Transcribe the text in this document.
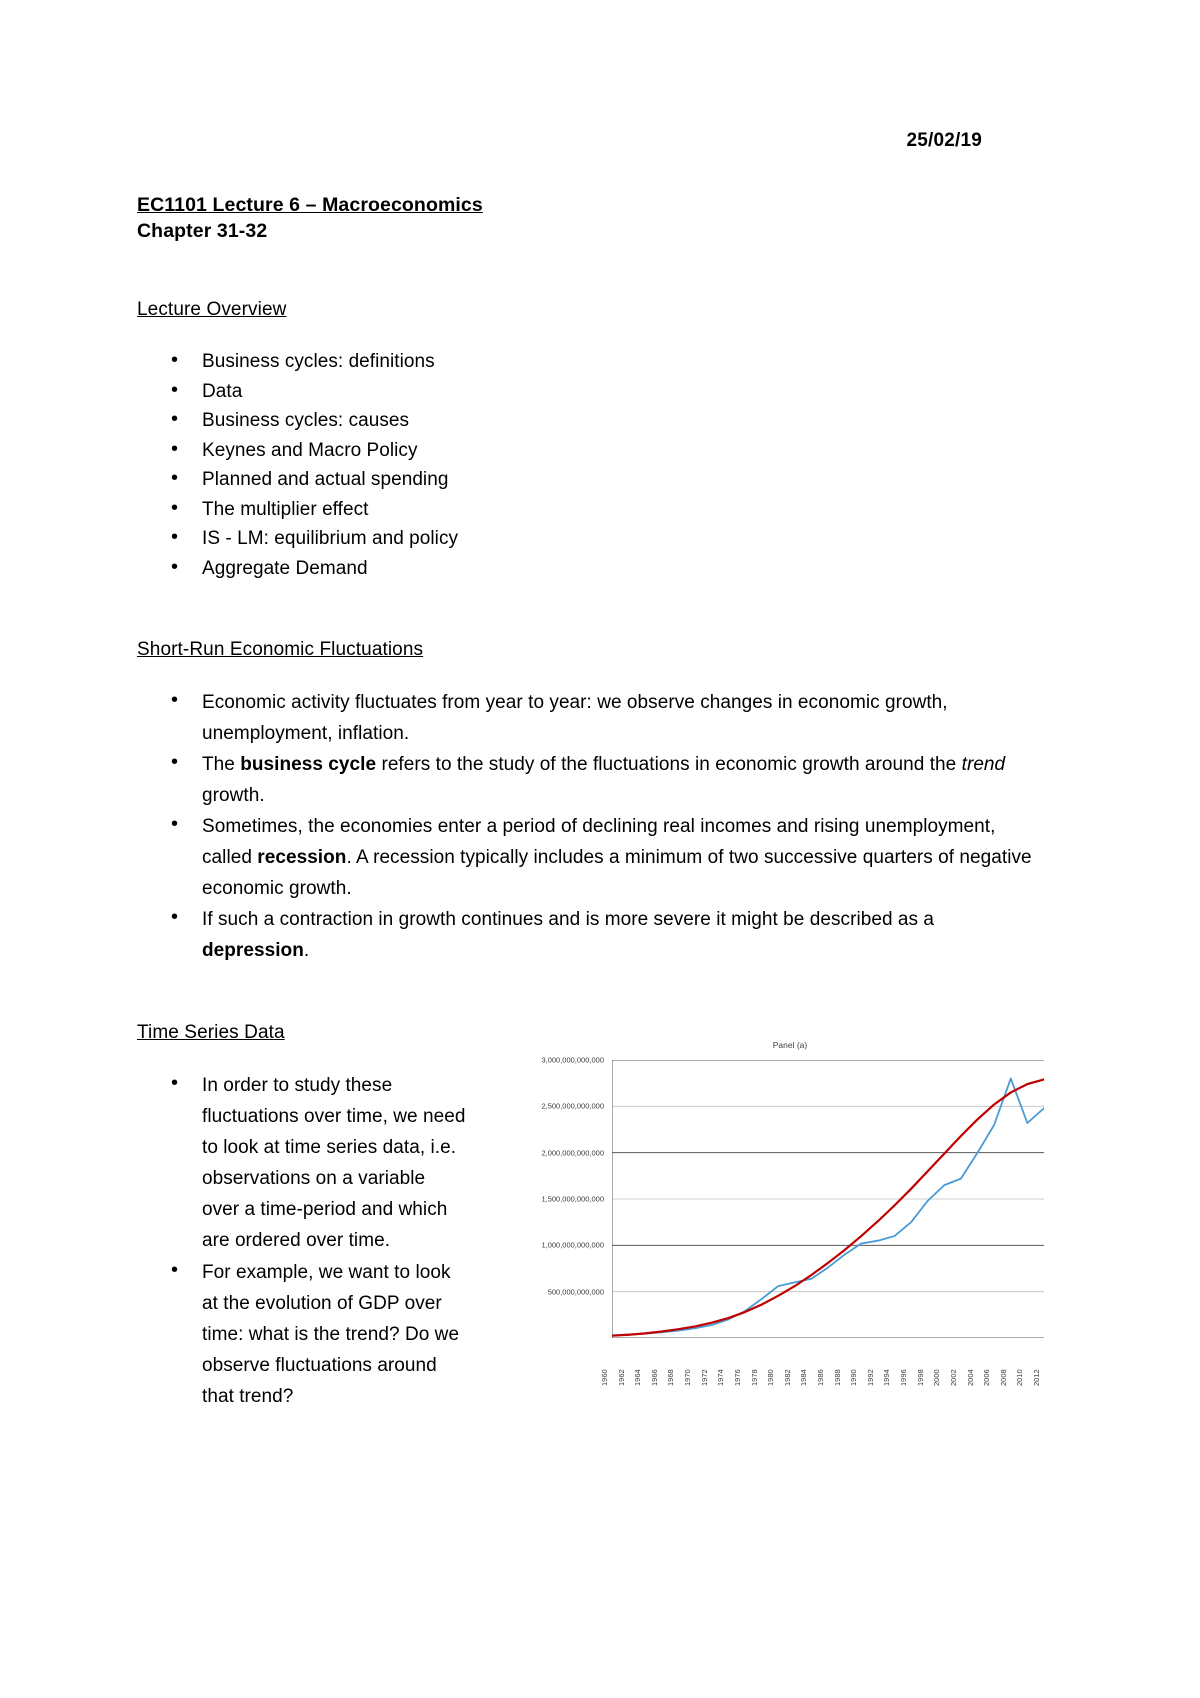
25/02/19
EC1101 Lecture 6 – Macroeconomics
Chapter 31-32
Lecture Overview
• Business cycles: definitions
• Data
• Business cycles: causes
• Keynes and Macro Policy
• Planned and actual spending
• The multiplier effect
• IS - LM: equilibrium and policy
• Aggregate Demand
Short-Run Economic Fluctuations
• Economic activity fluctuates from year to year: we observe changes in economic growth, unemployment, inflation.
• The business cycle refers to the study of the fluctuations in economic growth around the trend growth.
• Sometimes, the economies enter a period of declining real incomes and rising unemployment, called recession. A recession typically includes a minimum of two successive quarters of negative economic growth.
• If such a contraction in growth continues and is more severe it might be described as a depression.
Time Series Data
• In order to study these fluctuations over time, we need to look at time series data, i.e. observations on a variable over a time-period and which are ordered over time.
• For example, we want to look at the evolution of GDP over time: what is the trend? Do we observe fluctuations around that trend?
Panel (a)
3,000,000,000,000
2,500,000,000,000
2,000,000,000,000
1,500,000,000,000
1,000,000,000,000
500,000,000,000
1960 1962 1964 1966 1968 1970 1972 1974 1976 1978 1980 1982 1984 1986 1988 1990 1992 1994 1996 1998 2000 2002 2004 2006 2008 2010 2012
